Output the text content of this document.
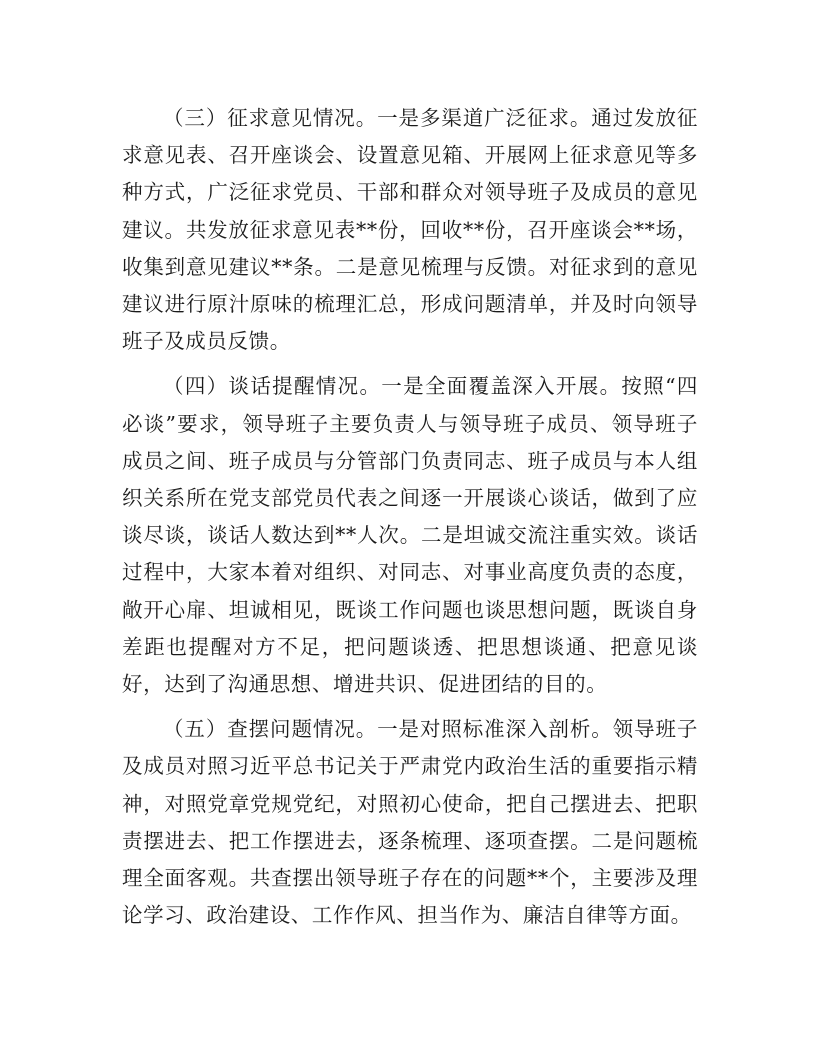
（三）征求意见情况。一是多渠道广泛征求。通过发放征求意见表、召开座谈会、设置意见箱、开展网上征求意见等多种方式，广泛征求党员、干部和群众对领导班子及成员的意见建议。共发放征求意见表**份，回收**份，召开座谈会**场，收集到意见建议**条。二是意见梳理与反馈。对征求到的意见建议进行原汁原味的梳理汇总，形成问题清单，并及时向领导班子及成员反馈。

（四）谈话提醒情况。一是全面覆盖深入开展。按照“四必谈”要求，领导班子主要负责人与领导班子成员、领导班子成员之间、班子成员与分管部门负责同志、班子成员与本人组织关系所在党支部党员代表之间逐一开展谈心谈话，做到了应谈尽谈，谈话人数达到**人次。二是坦诚交流注重实效。谈话过程中，大家本着对组织、对同志、对事业高度负责的态度，敞开心扉、坦诚相见，既谈工作问题也谈思想问题，既谈自身差距也提醒对方不足，把问题谈透、把思想谈通、把意见谈好，达到了沟通思想、增进共识、促进团结的目的。

（五）查摆问题情况。一是对照标准深入剖析。领导班子及成员对照习近平总书记关于严肃党内政治生活的重要指示精神，对照党章党规党纪，对照初心使命，把自己摆进去、把职责摆进去、把工作摆进去，逐条梳理、逐项查摆。二是问题梳理全面客观。共查摆出领导班子存在的问题**个，主要涉及理论学习、政治建设、工作作风、担当作为、廉洁自律等方面。
